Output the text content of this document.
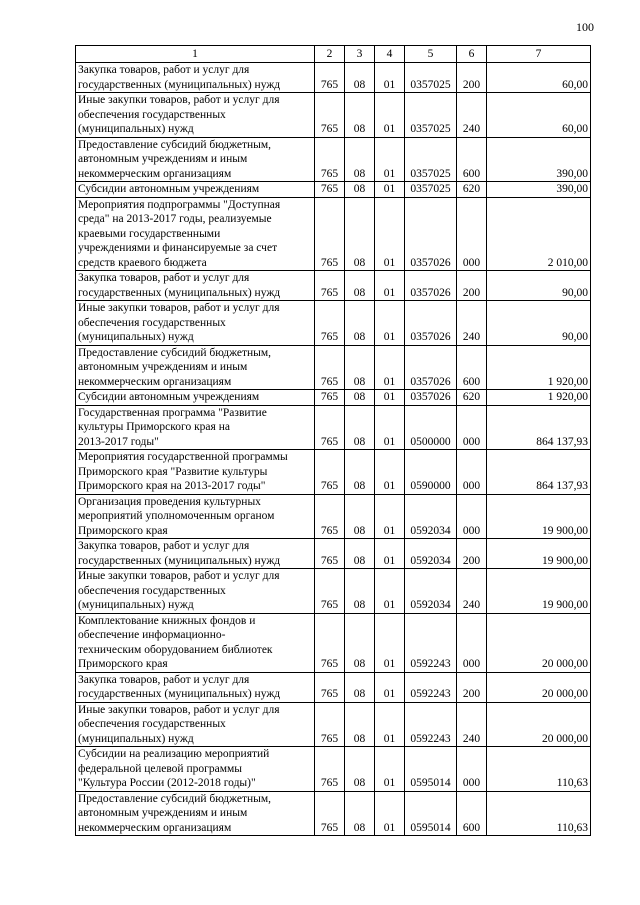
100
1	2	3	4	5	6	7
Закупка товаров, работ и услуг для
государственных (муниципальных) нужд	765	08	01	0357025	200	60,00
Иные закупки товаров, работ и услуг для
обеспечения государственных
(муниципальных) нужд	765	08	01	0357025	240	60,00
Предоставление субсидий бюджетным,
автономным учреждениям и иным
некоммерческим организациям	765	08	01	0357025	600	390,00
Субсидии автономным учреждениям	765	08	01	0357025	620	390,00
Мероприятия подпрограммы "Доступная
среда" на 2013-2017 годы, реализуемые
краевыми государственными
учреждениями и финансируемые за счет
средств краевого бюджета	765	08	01	0357026	000	2 010,00
Закупка товаров, работ и услуг для
государственных (муниципальных) нужд	765	08	01	0357026	200	90,00
Иные закупки товаров, работ и услуг для
обеспечения государственных
(муниципальных) нужд	765	08	01	0357026	240	90,00
Предоставление субсидий бюджетным,
автономным учреждениям и иным
некоммерческим организациям	765	08	01	0357026	600	1 920,00
Субсидии автономным учреждениям	765	08	01	0357026	620	1 920,00
Государственная программа "Развитие
культуры Приморского края на
2013-2017 годы"	765	08	01	0500000	000	864 137,93
Мероприятия государственной программы
Приморского края "Развитие культуры
Приморского края на 2013-2017 годы"	765	08	01	0590000	000	864 137,93
Организация проведения культурных
мероприятий уполномоченным органом
Приморского края	765	08	01	0592034	000	19 900,00
Закупка товаров, работ и услуг для
государственных (муниципальных) нужд	765	08	01	0592034	200	19 900,00
Иные закупки товаров, работ и услуг для
обеспечения государственных
(муниципальных) нужд	765	08	01	0592034	240	19 900,00
Комплектование книжных фондов и
обеспечение информационно-
техническим оборудованием библиотек
Приморского края	765	08	01	0592243	000	20 000,00
Закупка товаров, работ и услуг для
государственных (муниципальных) нужд	765	08	01	0592243	200	20 000,00
Иные закупки товаров, работ и услуг для
обеспечения государственных
(муниципальных) нужд	765	08	01	0592243	240	20 000,00
Субсидии на реализацию мероприятий
федеральной целевой программы
"Культура России (2012-2018 годы)"	765	08	01	0595014	000	110,63
Предоставление субсидий бюджетным,
автономным учреждениям и иным
некоммерческим организациям	765	08	01	0595014	600	110,63
